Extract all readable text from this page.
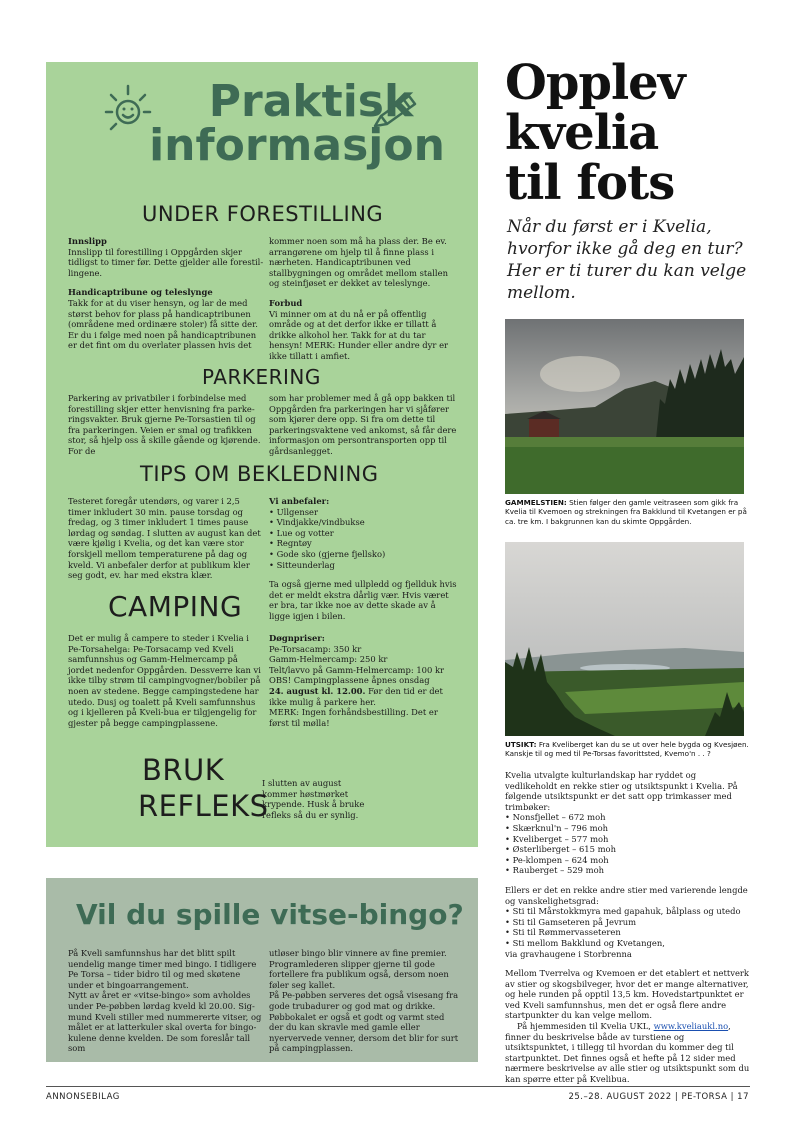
Praktisk
informasjon
UNDER FORESTILLING

Innslipp

Innslipp til forestilling i Oppgården skjer tidligst to timer før. Dette gjelder alle forestillingene.

Handicaptribune og teleslynge

Takk for at du viser hensyn, og lar de med størst behov for plass på handicaptribunen (områdene med ordinære stoler) få sitte der. Er du i følge med noen på handicaptribunen er det fint om du overlater plassen hvis det

kommer noen som må ha plass der. Be ev. arrangørene om hjelp til å finne plass i nærheten. Handicaptribunen ved stallbygningen og området mellom stallen og steinfjøset er dekket av teleslynge.

Forbud

Vi minner om at du nå er på offentlig område og at det derfor ikke er tillatt å drikke alkohol her. Takk for at du tar hensyn! MERK: Hunder eller andre dyr er ikke tillatt i amfiet.

PARKERING
Parkering av privatbiler i forbindelse med forestilling skjer etter henvisning fra parkeringsvakter. Bruk gjerne Pe-Torsastien til og fra parkeringen. Veien er smal og trafikken stor, så hjelp oss å skille gående og kjørende. For de
som har problemer med å gå opp bakken til Oppgården fra parkeringen har vi sjåfører som kjører dere opp. Si fra om dette til parkeringsvaktene ved ankomst, så får dere informasjon om persontransporten opp til gårdsanlegget.
TIPS OM BEKLEDNING
Testeret foregår utendørs, og varer i 2,5 timer inkludert 30 min. pause torsdag og fredag, og 3 timer inkludert 1 times pause lørdag og søndag. I slutten av august kan det være kjølig i Kvelia, og det kan være stor forskjell mellom temperaturene på dag og kveld. Vi anbefaler derfor at publikum kler seg godt, ev. har med ekstra klær.

Vi anbefaler:

• Ullgenser
• Vindjakke/vindbukse
• Lue og votter
• Regntøy
• Gode sko (gjerne fjellsko)
• Sitteunderlag

Ta også gjerne med ullpledd og fjellduk hvis det er meldt ekstra dårlig vær. Hvis været er bra, tar ikke noe av dette skade av å ligge igjen i bilen.

CAMPING
Det er mulig å campere to steder i Kvelia i Pe-Torsahelga: Pe-Torsacamp ved Kveli samfunnshus og Gamm-Helmercamp på jordet nedenfor Oppgården. Dessverre kan vi ikke tilby strøm til campingvogner/bobiler på noen av stedene. Begge campingstedene har utedo. Dusj og toalett på Kveli samfunnshus og i kjelleren på Kveli-bua er tilgjengelig for gjester på begge campingplassene.

Døgnpriser:

Pe-Torsacamp: 350 kr

Gamm-Helmercamp: 250 kr

Telt/lavvo på Gamm-Helmercamp: 100 kr

OBS! Campingplassene åpnes onsdag

24. august kl. 12.00. Før den tid er det ikke mulig å parkere her.

MERK: Ingen forhåndsbestilling. Det er først til mølla!

BRUK
REFLEKS
I slutten av august kommer høstmørket krypende. Husk å bruke refleks så du er synlig.
Vil du spille vitse-bingo?
På Kveli samfunnshus har det blitt spilt uendelig mange timer med bingo. I tidligere Pe Torsa – tider bidro til og med skøtene under et bingoarrangement.
Nytt av året er «vitse-bingo» som avholdes under Pe-pøbben lørdag kveld kl 20.00. Sigmund Kveli stiller med nummererte vitser, og målet er at latterkuler skal overta for bingokulene denne kvelden. De som foreslår tall som
utløser bingo blir vinnere av fine premier. Programlederen slipper gjerne til gode fortellere fra publikum også, dersom noen føler seg kallet.
På Pe-pøbben serveres det også visesang fra gode trubadurer og god mat og drikke. Pøbbokalet er også et godt og varmt sted der du kan skravle med gamle eller nyervervede venner, dersom det blir for surt på campingplassen.
Opplev
kvelia
til fots
Når du først er i Kvelia, hvorfor ikke gå deg en tur? Her er ti turer du kan velge mellom.
GAMMELSTIEN: Stien følger den gamle veitraseen som gikk fra Kvelia til Kvemoen og strekningen fra Bakklund til Kvetangen er på ca. tre km. I bakgrunnen kan du skimte Oppgården.
UTSIKT: Fra Kveliberget kan du se ut over hele bygda og Kvesjøen. Kanskje til og med til Pe-Torsas favorittsted, Kvemo'n . . ?

Kvelia utvalgte kulturlandskap har ryddet og vedlikeholdt en rekke stier og utsiktspunkt i Kvelia. På følgende utsiktspunkt er det satt opp trimkasser med trimbøker:

• Nonsfjellet – 672 moh
• Skærknul'n – 796 moh
• Kveliberget – 577 moh
• Østerliberget – 615 moh
• Pe-klompen – 624 moh
• Rauberget – 529 moh

Ellers er det en rekke andre stier med varierende lengde og vanskelighetsgrad:

• Sti til Mårstokkmyra med gapahuk, bålplass og utedo
• Sti til Gamseteren på Jevrum
• Sti til Rømmervasseteren
• Sti mellom Bakklund og Kvetangen,

via gravhaugene i Storbrenna

Mellom Tverrelva og Kvemoen er det etablert et nettverk av stier og skogsbilveger, hvor det er mange alternativer, og hele runden på opptil 13,5 km. Hovedstartpunktet er ved Kveli samfunnshus, men det er også flere andre startpunkter du kan velge mellom.

På hjemmesiden til Kvelia UKL, www.kveliaukl.no, finner du beskrivelse både av turstiene og utsiktspunktet, i tillegg til hvordan du kommer deg til startpunktet. Det finnes også et hefte på 12 sider med nærmere beskrivelse av alle stier og utsiktspunkt som du kan spørre etter på Kvelibua.

ANNONSEBILAG	25.–28. AUGUST 2022 | PE-TORSA | 17
